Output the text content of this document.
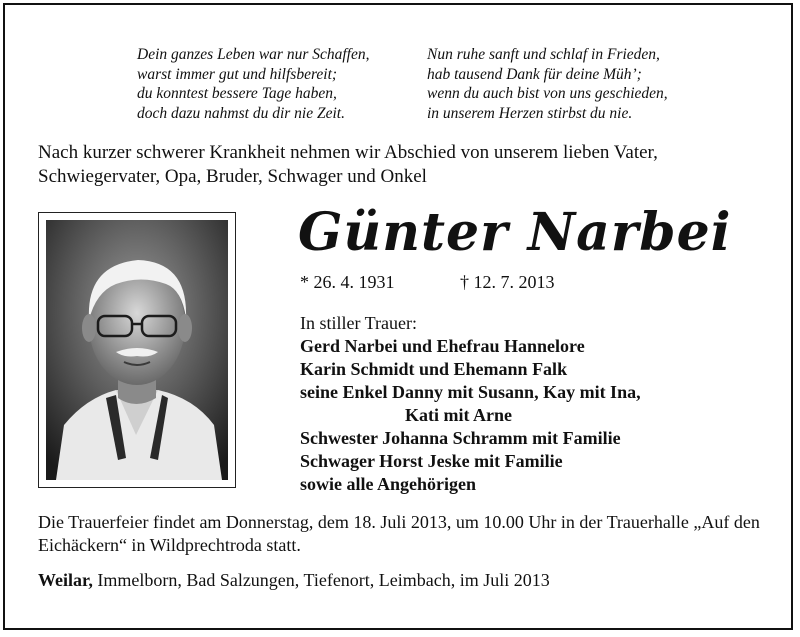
Dein ganzes Leben war nur Schaffen,
warst immer gut und hilfsbereit;
du konntest bessere Tage haben,
doch dazu nahmst du dir nie Zeit.
Nun ruhe sanft und schlaf in Frieden,
hab tausend Dank für deine Müh’;
wenn du auch bist von uns geschieden,
in unserem Herzen stirbst du nie.
Nach kurzer schwerer Krankheit nehmen wir Abschied von unserem lieben Vater, Schwiegervater, Opa, Bruder, Schwager und Onkel
Günter Narbei
* 26. 4. 1931	† 12. 7. 2013
In stiller Trauer:
Gerd Narbei und Ehefrau Hannelore
Karin Schmidt und Ehemann Falk
seine Enkel Danny mit Susann, Kay mit Ina,
Kati mit Arne
Schwester Johanna Schramm mit Familie
Schwager Horst Jeske mit Familie
sowie alle Angehörigen
Die Trauerfeier findet am Donnerstag, dem 18. Juli 2013, um 10.00 Uhr in der Trauerhalle „Auf den Eichäckern“ in Wildprechtroda statt.
Weilar, Immelborn, Bad Salzungen, Tiefenort, Leimbach, im Juli 2013
